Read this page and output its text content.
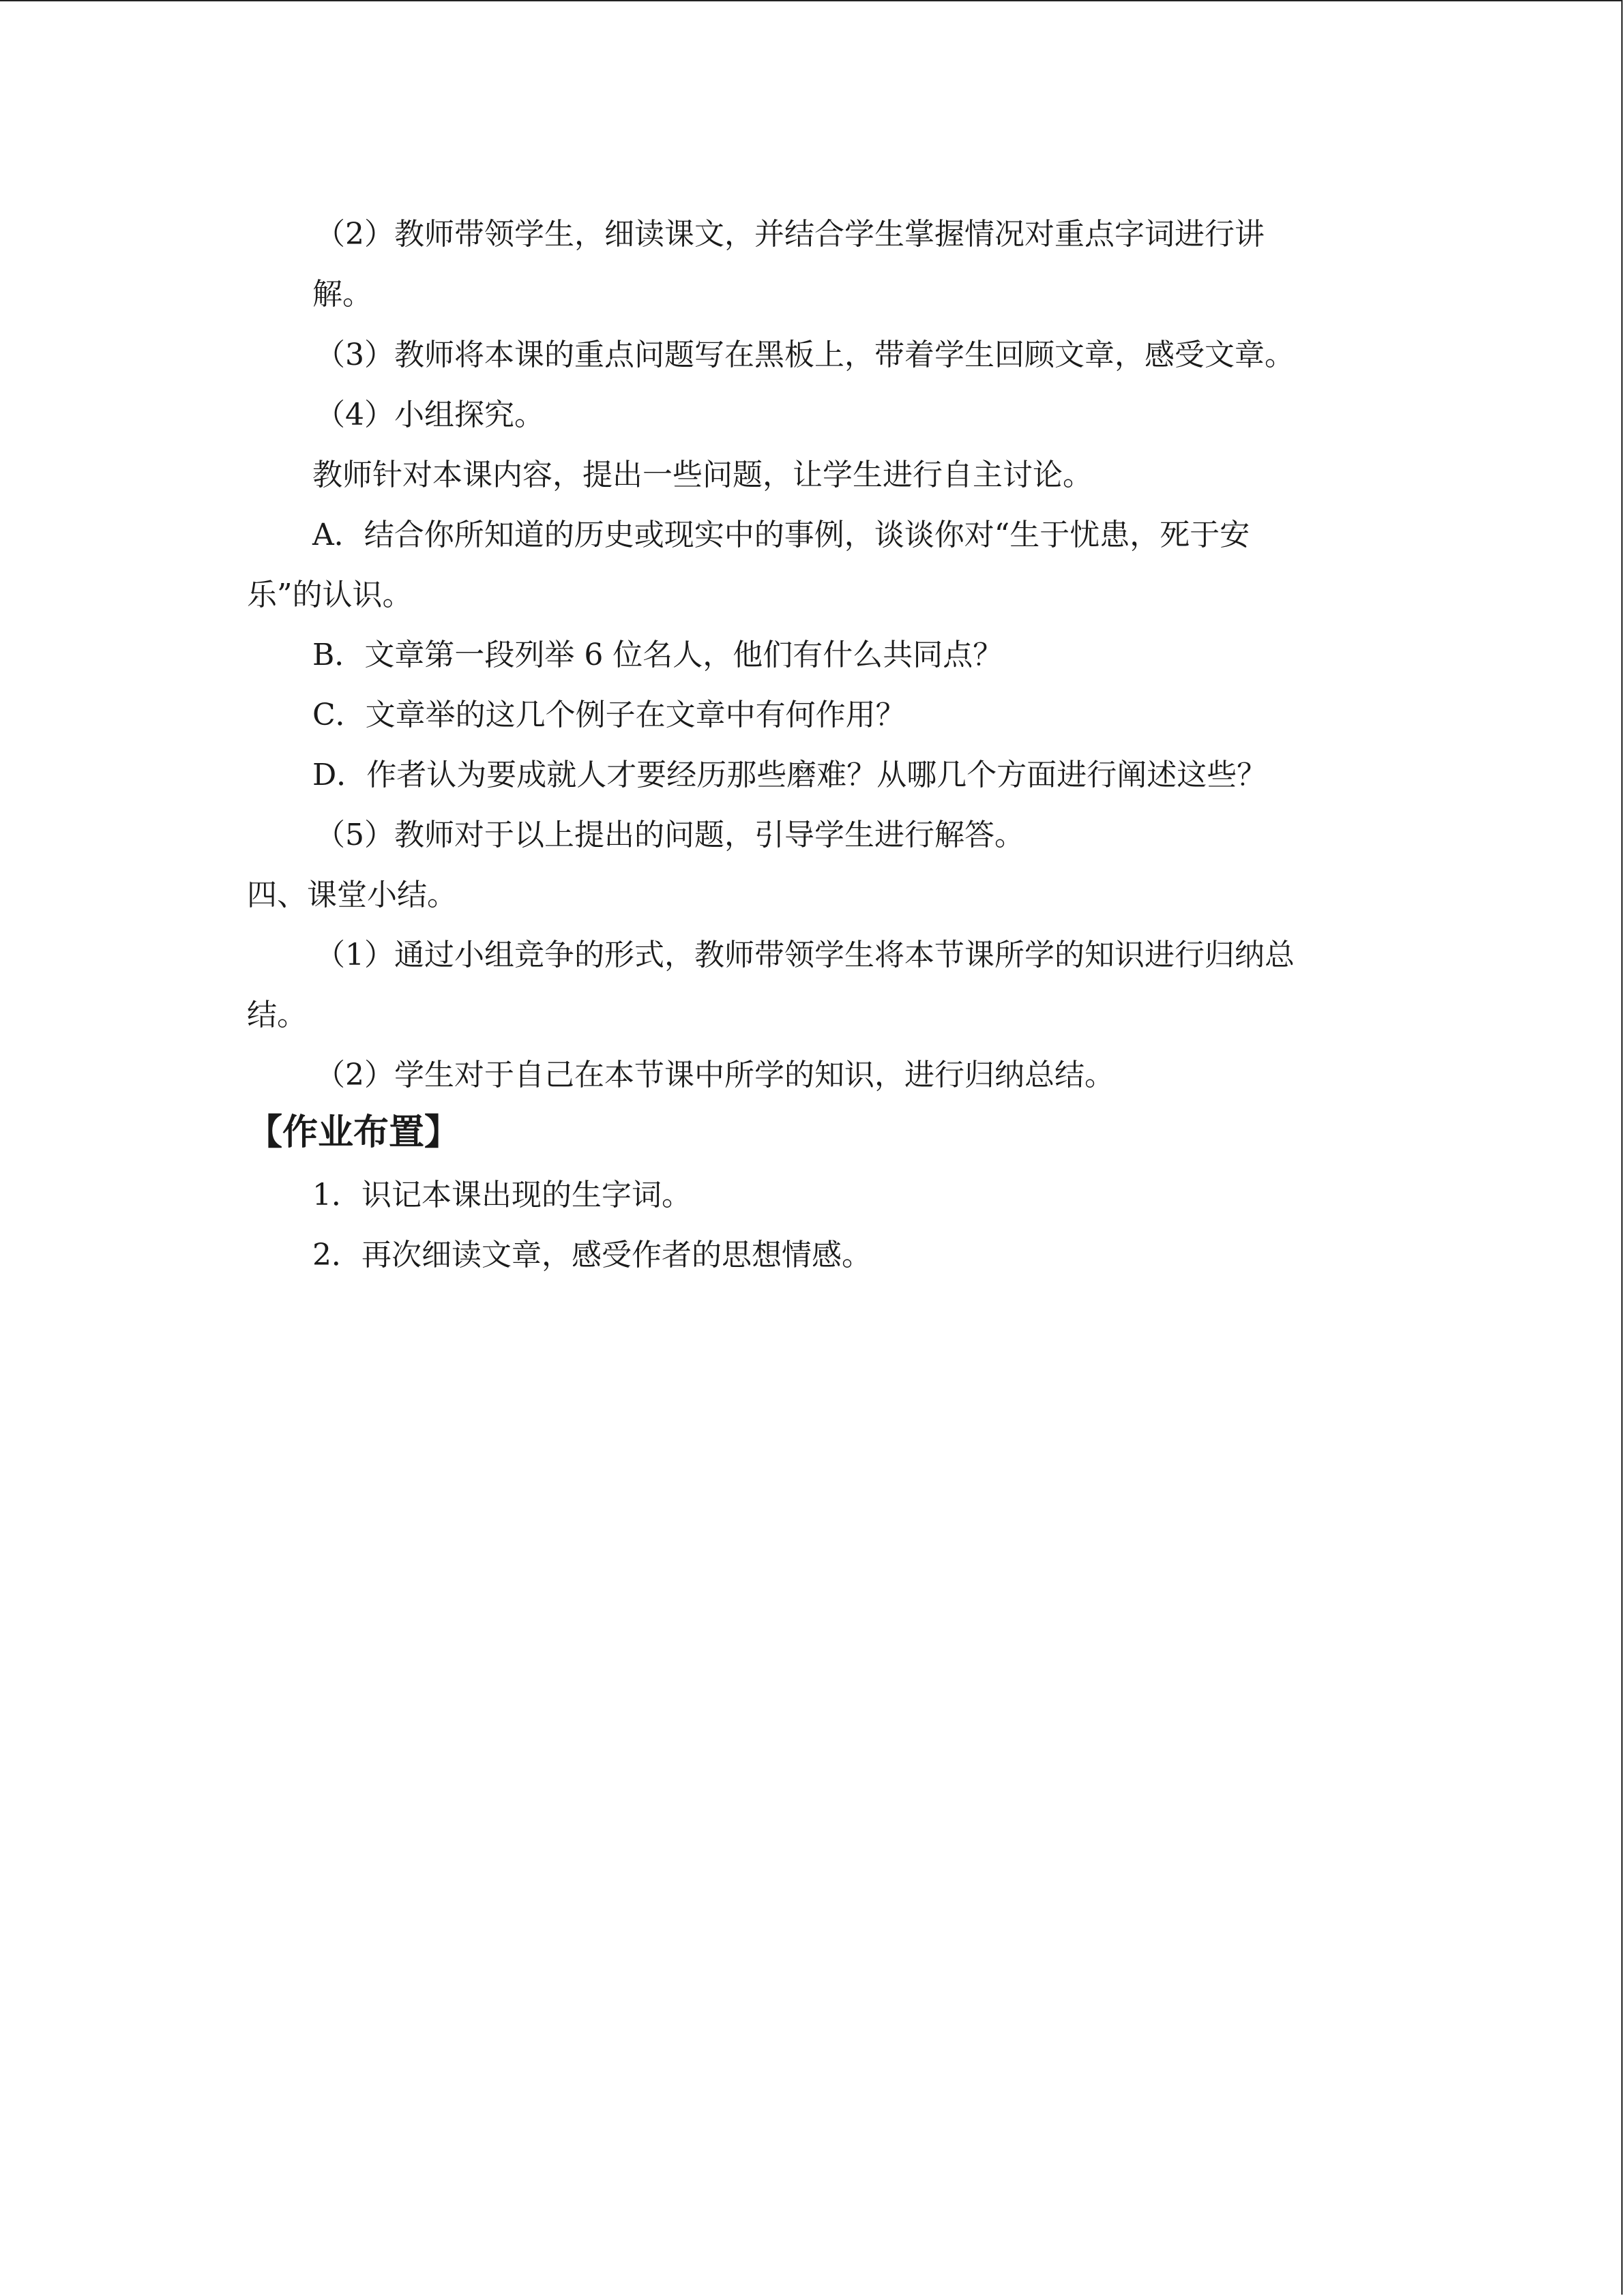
（2）教师带领学生，细读课文，并结合学生掌握情况对重点字词进行讲
解。
（3）教师将本课的重点问题写在黑板上，带着学生回顾文章，感受文章。
（4）小组探究。
教师针对本课内容，提出一些问题，让学生进行自主讨论。
A．结合你所知道的历史或现实中的事例，谈谈你对“生于忧患，死于安
乐”的认识。
B．文章第一段列举 6 位名人，他们有什么共同点？
C．文章举的这几个例子在文章中有何作用？
D．作者认为要成就人才要经历那些磨难？从哪几个方面进行阐述这些？
（5）教师对于以上提出的问题，引导学生进行解答。
四、课堂小结。
（1）通过小组竞争的形式，教师带领学生将本节课所学的知识进行归纳总
结。
（2）学生对于自己在本节课中所学的知识，进行归纳总结。
【作业布置】
1．识记本课出现的生字词。
2．再次细读文章，感受作者的思想情感。
